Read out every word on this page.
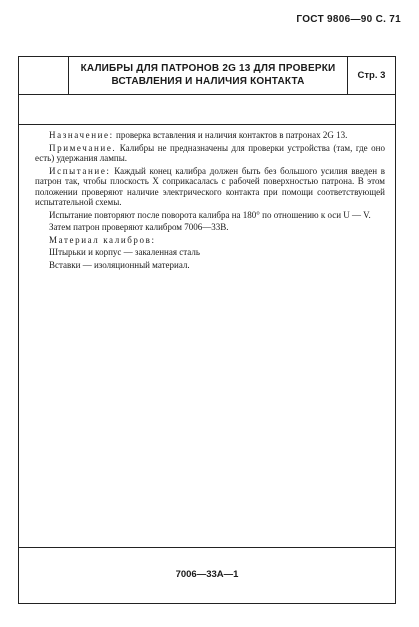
ГОСТ 9806—90 С. 71
КАЛИБРЫ ДЛЯ ПАТРОНОВ 2G 13 ДЛЯ ПРОВЕРКИ ВСТАВЛЕНИЯ И НАЛИЧИЯ КОНТАКТА
Стр. 3

Назначение: проверка вставления и наличия контактов в патронах 2G 13.

Примечание. Калибры не предназначены для проверки устройства (там, где оно есть) удержания лампы.

Испытание: Каждый конец калибра должен быть без большого усилия введен в патрон так, чтобы плоскость X соприкасалась с рабочей поверхностью патрона. В этом положении проверяют наличие электрического контакта при помощи соответствующей испытательной схемы.

Испытание повторяют после поворота калибра на 180° по отношению к оси U — V.

Затем патрон проверяют калибром 7006—33В.

Материал калибров:

Штырьки и корпус — закаленная сталь

Вставки — изоляционный материал.

7006—33А—1
